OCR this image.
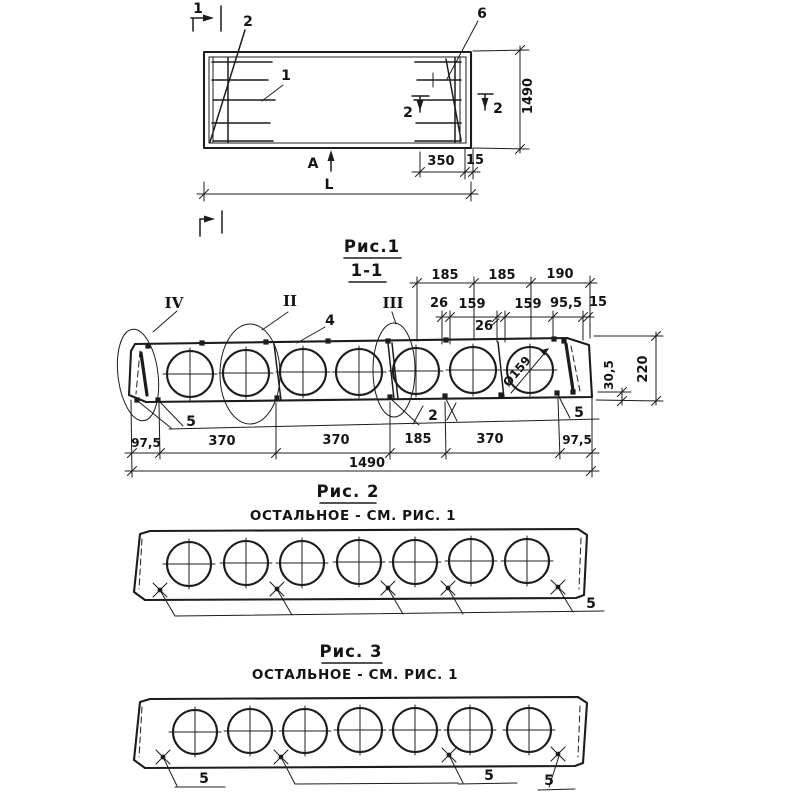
1
2	2
2
1
6
1490
350 15
A
L
Рис.1
1-1
IV	II	III
4
Ø159
185 185 190
26 159 159 95,5 15
26
30,5 220
97,5	370	370	185	370	97,5
1490
5	2	5
Рис. 2
ОСТАЛЬНОЕ - СМ. РИС. 1
5
Рис. 3
ОСТАЛЬНОЕ - СМ. РИС. 1
5	5	5
